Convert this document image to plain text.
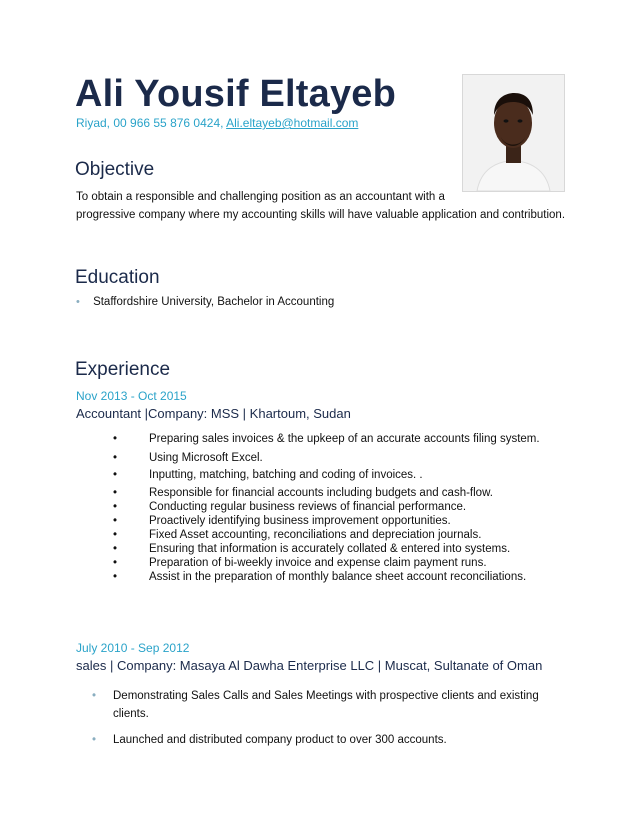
Ali Yousif Eltayeb
Riyad, 00 966 55 876 0424, Ali.eltayeb@hotmail.com
Objective
To obtain a responsible and challenging position as an accountant with a
progressive company where my accounting skills will have valuable application and contribution.
Education
• Staffordshire University, Bachelor in Accounting
Experience
Nov 2013 - Oct 2015
Accountant |Company: MSS | Khartoum, Sudan
• Preparing sales invoices & the upkeep of an accurate accounts filing system.
• Using Microsoft Excel.
• Inputting, matching, batching and coding of invoices. .
• Responsible for financial accounts including budgets and cash-flow.
• Conducting regular business reviews of financial performance.
• Proactively identifying business improvement opportunities.
• Fixed Asset accounting, reconciliations and depreciation journals.
• Ensuring that information is accurately collated & entered into systems.
• Preparation of bi-weekly invoice and expense claim payment runs.
• Assist in the preparation of monthly balance sheet account reconciliations.
July 2010 - Sep 2012
sales | Company: Masaya Al Dawha Enterprise LLC | Muscat, Sultanate of Oman
• Demonstrating Sales Calls and Sales Meetings with prospective clients and existing clients.
• Launched and distributed company product to over 300 accounts.
